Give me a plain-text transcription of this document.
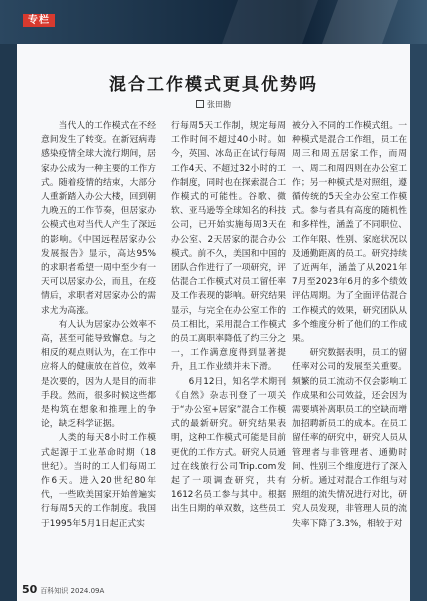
专栏
混合工作模式更具优势吗
张田勘

当代人的工作模式在不经意间发生了转变。在新冠病毒感染疫情全球大流行期间，居家办公成为一种主要的工作方式。随着疫情的结束，大部分人重新踏入办公大楼，回到朝九晚五的工作节奏，但居家办公模式也对当代人产生了深远的影响。《中国远程居家办公发展报告》显示，高达95%的求职者希望一周中至少有一天可以居家办公，而且，在疫情后，求职者对居家办公的需求尤为高涨。

有人认为居家办公效率不高，甚至可能导致懈怠。与之相反的观点则认为，在工作中应将人的健康放在首位，效率是次要的，因为人是目的而非手段。然而，很多时候这些都是构筑在想象和推理上的争论，缺乏科学证据。

人类的每天8小时工作模式起源于工业革命时期（18世纪）。当时的工人们每周工作6天。进入20世纪80年代，一些欧美国家开始普遍实行每周5天的工作制度。我国于1995年5月1日起正式实

行每周5天工作制，规定每周工作时间不超过40小时。如今，英国、冰岛正在试行每周工作4天、不超过32小时的工作制度，同时也在探索混合工作模式的可能性。谷歌、微软、亚马逊等全球知名的科技公司，已开始实施每周3天在办公室、2天居家的混合办公模式。前不久，美国和中国的团队合作进行了一项研究，评估混合工作模式对员工留任率及工作表现的影响。研究结果显示，与完全在办公室工作的员工相比，采用混合工作模式的员工离职率降低了约三分之一，工作满意度得到显著提升，且工作业绩并未下滑。

6月12日，知名学术期刊《自然》杂志刊登了一项关于“办公室+居家”混合工作模式的最新研究。研究结果表明，这种工作模式可能是目前更优的工作方式。研究人员通过在线旅行公司Trip.com发起了一项调查研究，共有1612名员工参与其中。根据出生日期的单双数，这些员工

被分入不同的工作模式组。一种模式是混合工作组，员工在周三和周五居家工作，而周一、周二和周四则在办公室工作；另一种模式是对照组，遵循传统的5天全办公室工作模式。参与者具有高度的随机性和多样性，涵盖了不同职位、工作年限、性别、家庭状况以及通勤距离的员工。研究持续了近两年，涵盖了从2021年7月至2023年6月的多个绩效评估周期。为了全面评估混合工作模式的效果，研究团队从多个维度分析了他们的工作成果。

研究数据表明，员工的留任率对公司的发展至关重要。频繁的员工流动不仅会影响工作成果和公司效益，还会因为需要填补离职员工的空缺而增加招聘新员工的成本。在员工留任率的研究中，研究人员从管理者与非管理者、通勤时间、性别三个维度进行了深入分析。通过对混合工作组与对照组的流失情况进行对比，研究人员发现，非管理人员的流失率下降了3.3%，相较于对

50 百科知识 2024.09A
